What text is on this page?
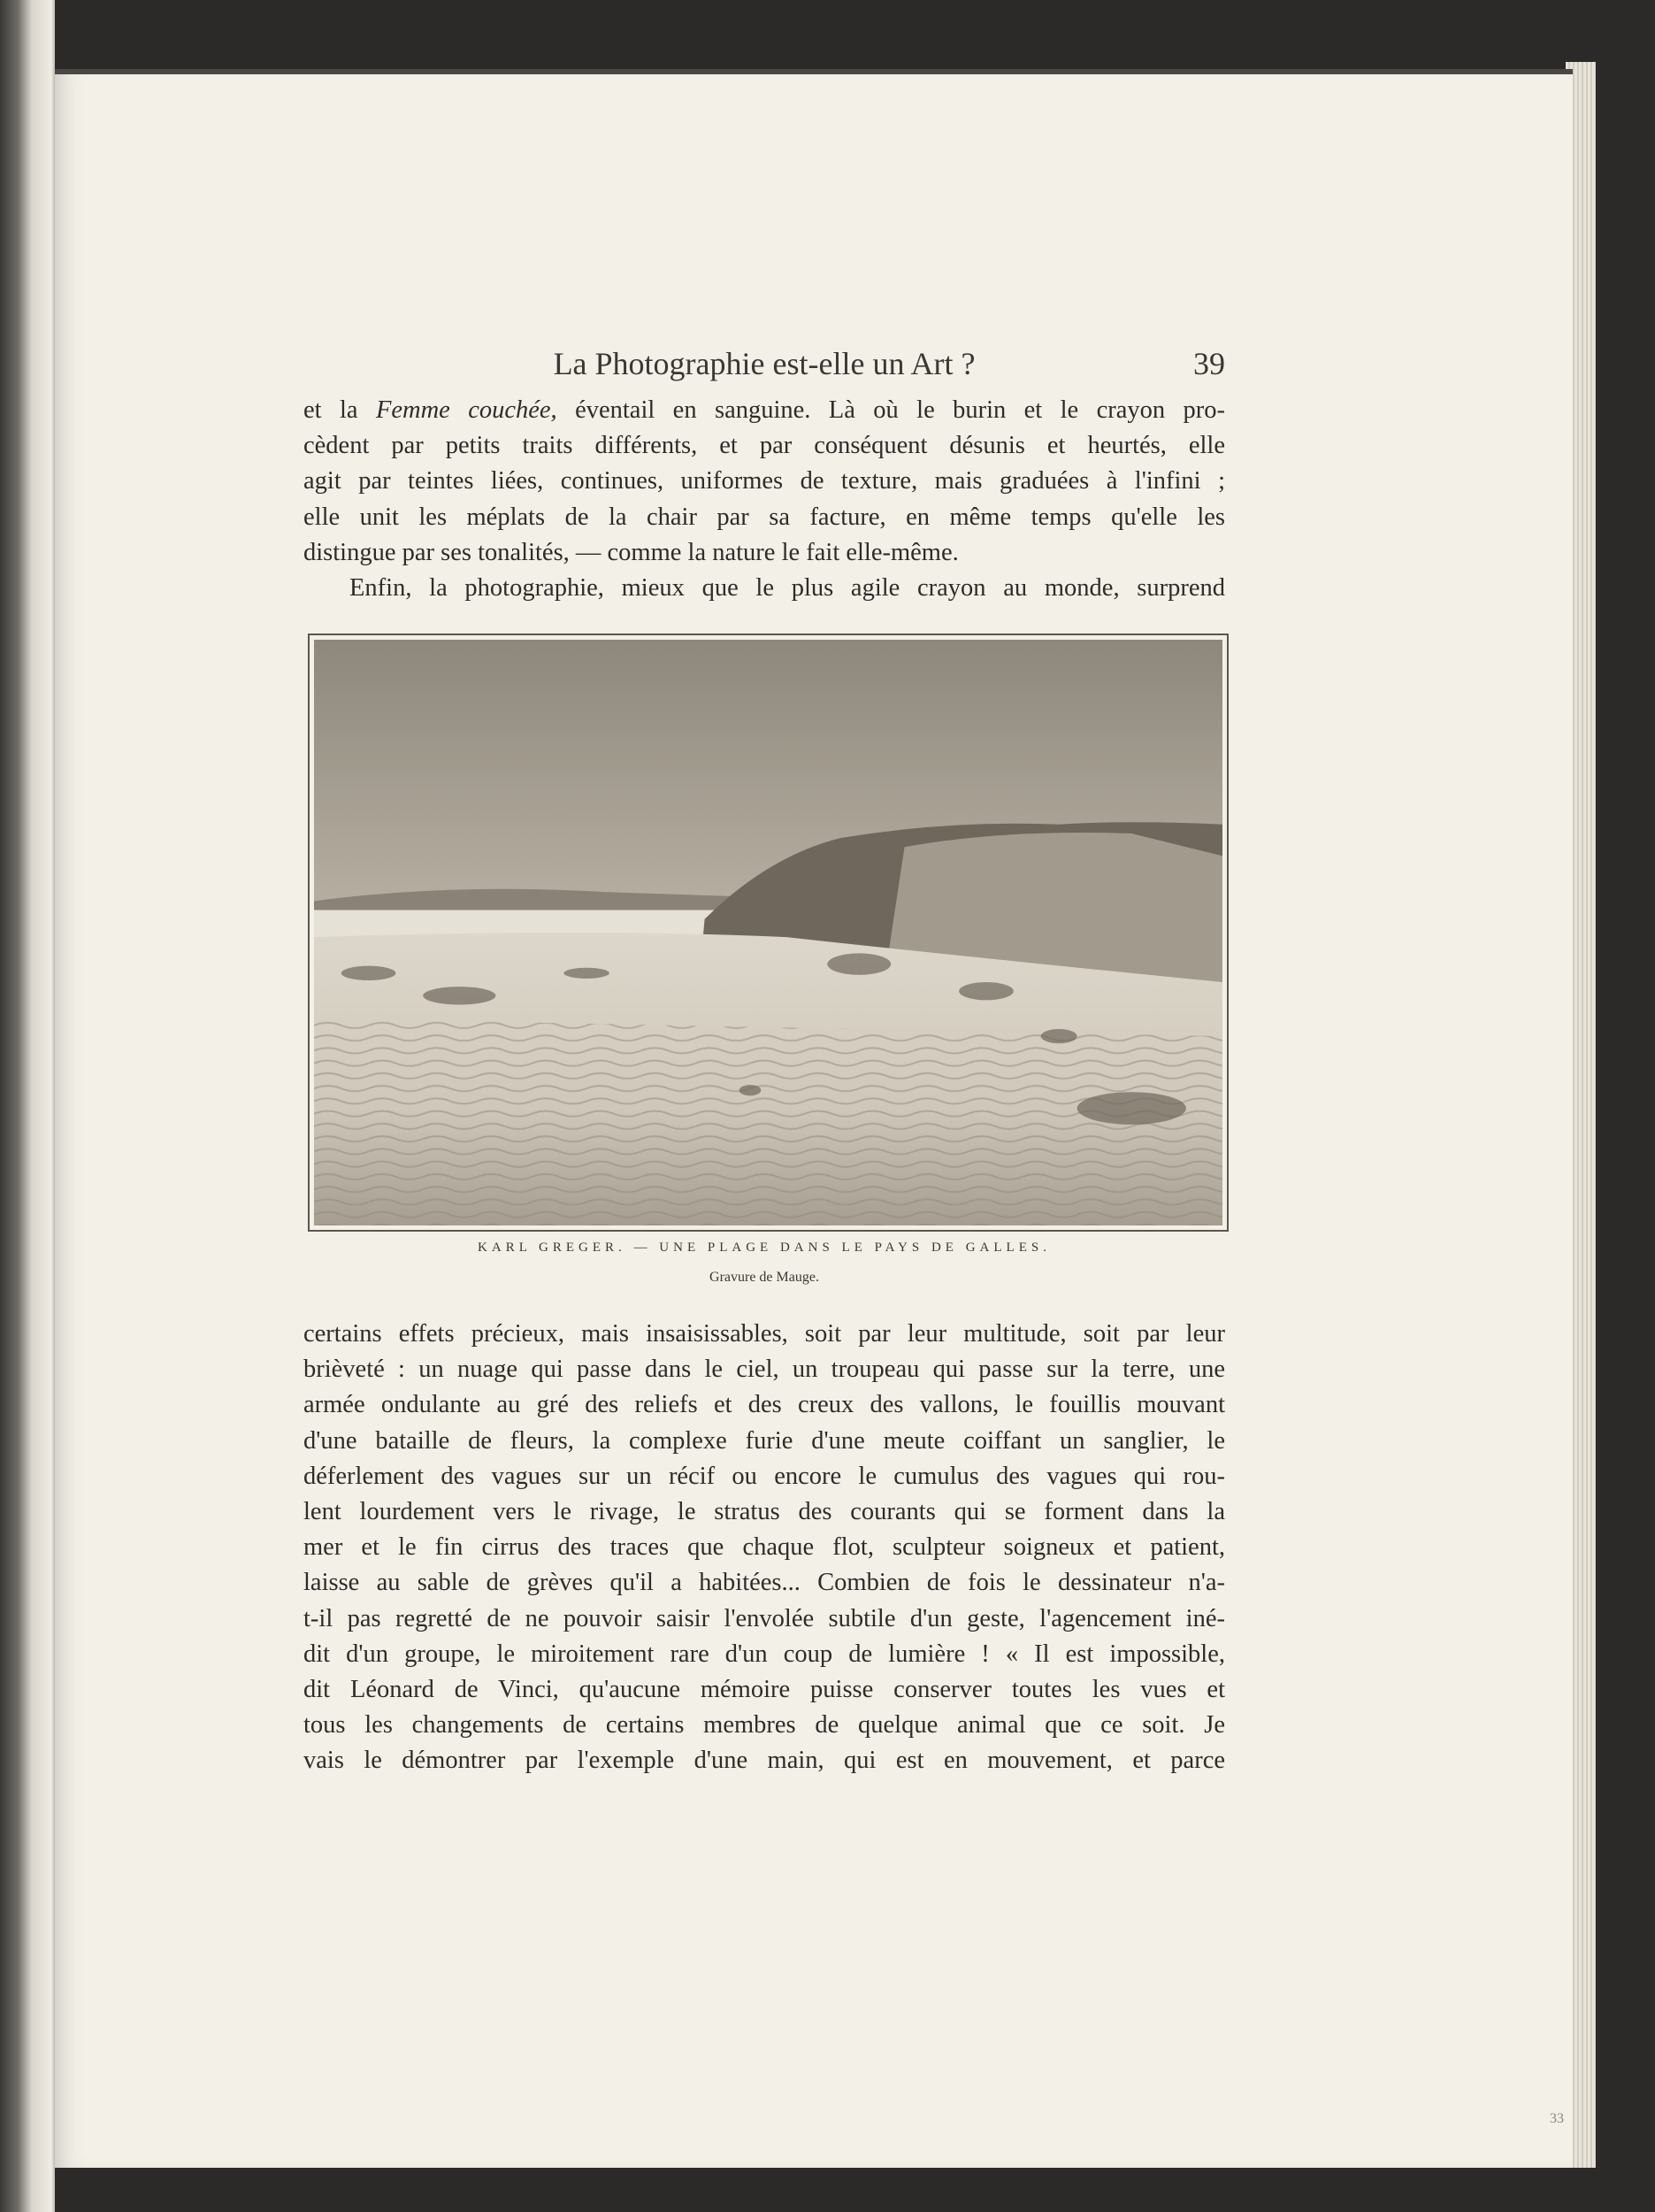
La Photographie est-elle un Art ?	39
et la Femme couchée, éventail en sanguine. Là où le burin et le crayon pro-
cèdent par petits traits différents, et par conséquent désunis et heurtés, elle
agit par teintes liées, continues, uniformes de texture, mais graduées à l'infini ;
elle unit les méplats de la chair par sa facture, en même temps qu'elle les
distingue par ses tonalités, — comme la nature le fait elle-même.
Enfin, la photographie, mieux que le plus agile crayon au monde, surprend
KARL GREGER. — UNE PLAGE DANS LE PAYS DE GALLES.
Gravure de Mauge.
certains effets précieux, mais insaisissables, soit par leur multitude, soit par leur
brièveté : un nuage qui passe dans le ciel, un troupeau qui passe sur la terre, une
armée ondulante au gré des reliefs et des creux des vallons, le fouillis mouvant
d'une bataille de fleurs, la complexe furie d'une meute coiffant un sanglier, le
déferlement des vagues sur un récif ou encore le cumulus des vagues qui rou-
lent lourdement vers le rivage, le stratus des courants qui se forment dans la
mer et le fin cirrus des traces que chaque flot, sculpteur soigneux et patient,
laisse au sable de grèves qu'il a habitées... Combien de fois le dessinateur n'a-
t-il pas regretté de ne pouvoir saisir l'envolée subtile d'un geste, l'agencement iné-
dit d'un groupe, le miroitement rare d'un coup de lumière ! « Il est impossible,
dit Léonard de Vinci, qu'aucune mémoire puisse conserver toutes les vues et
tous les changements de certains membres de quelque animal que ce soit. Je
vais le démontrer par l'exemple d'une main, qui est en mouvement, et parce
33
